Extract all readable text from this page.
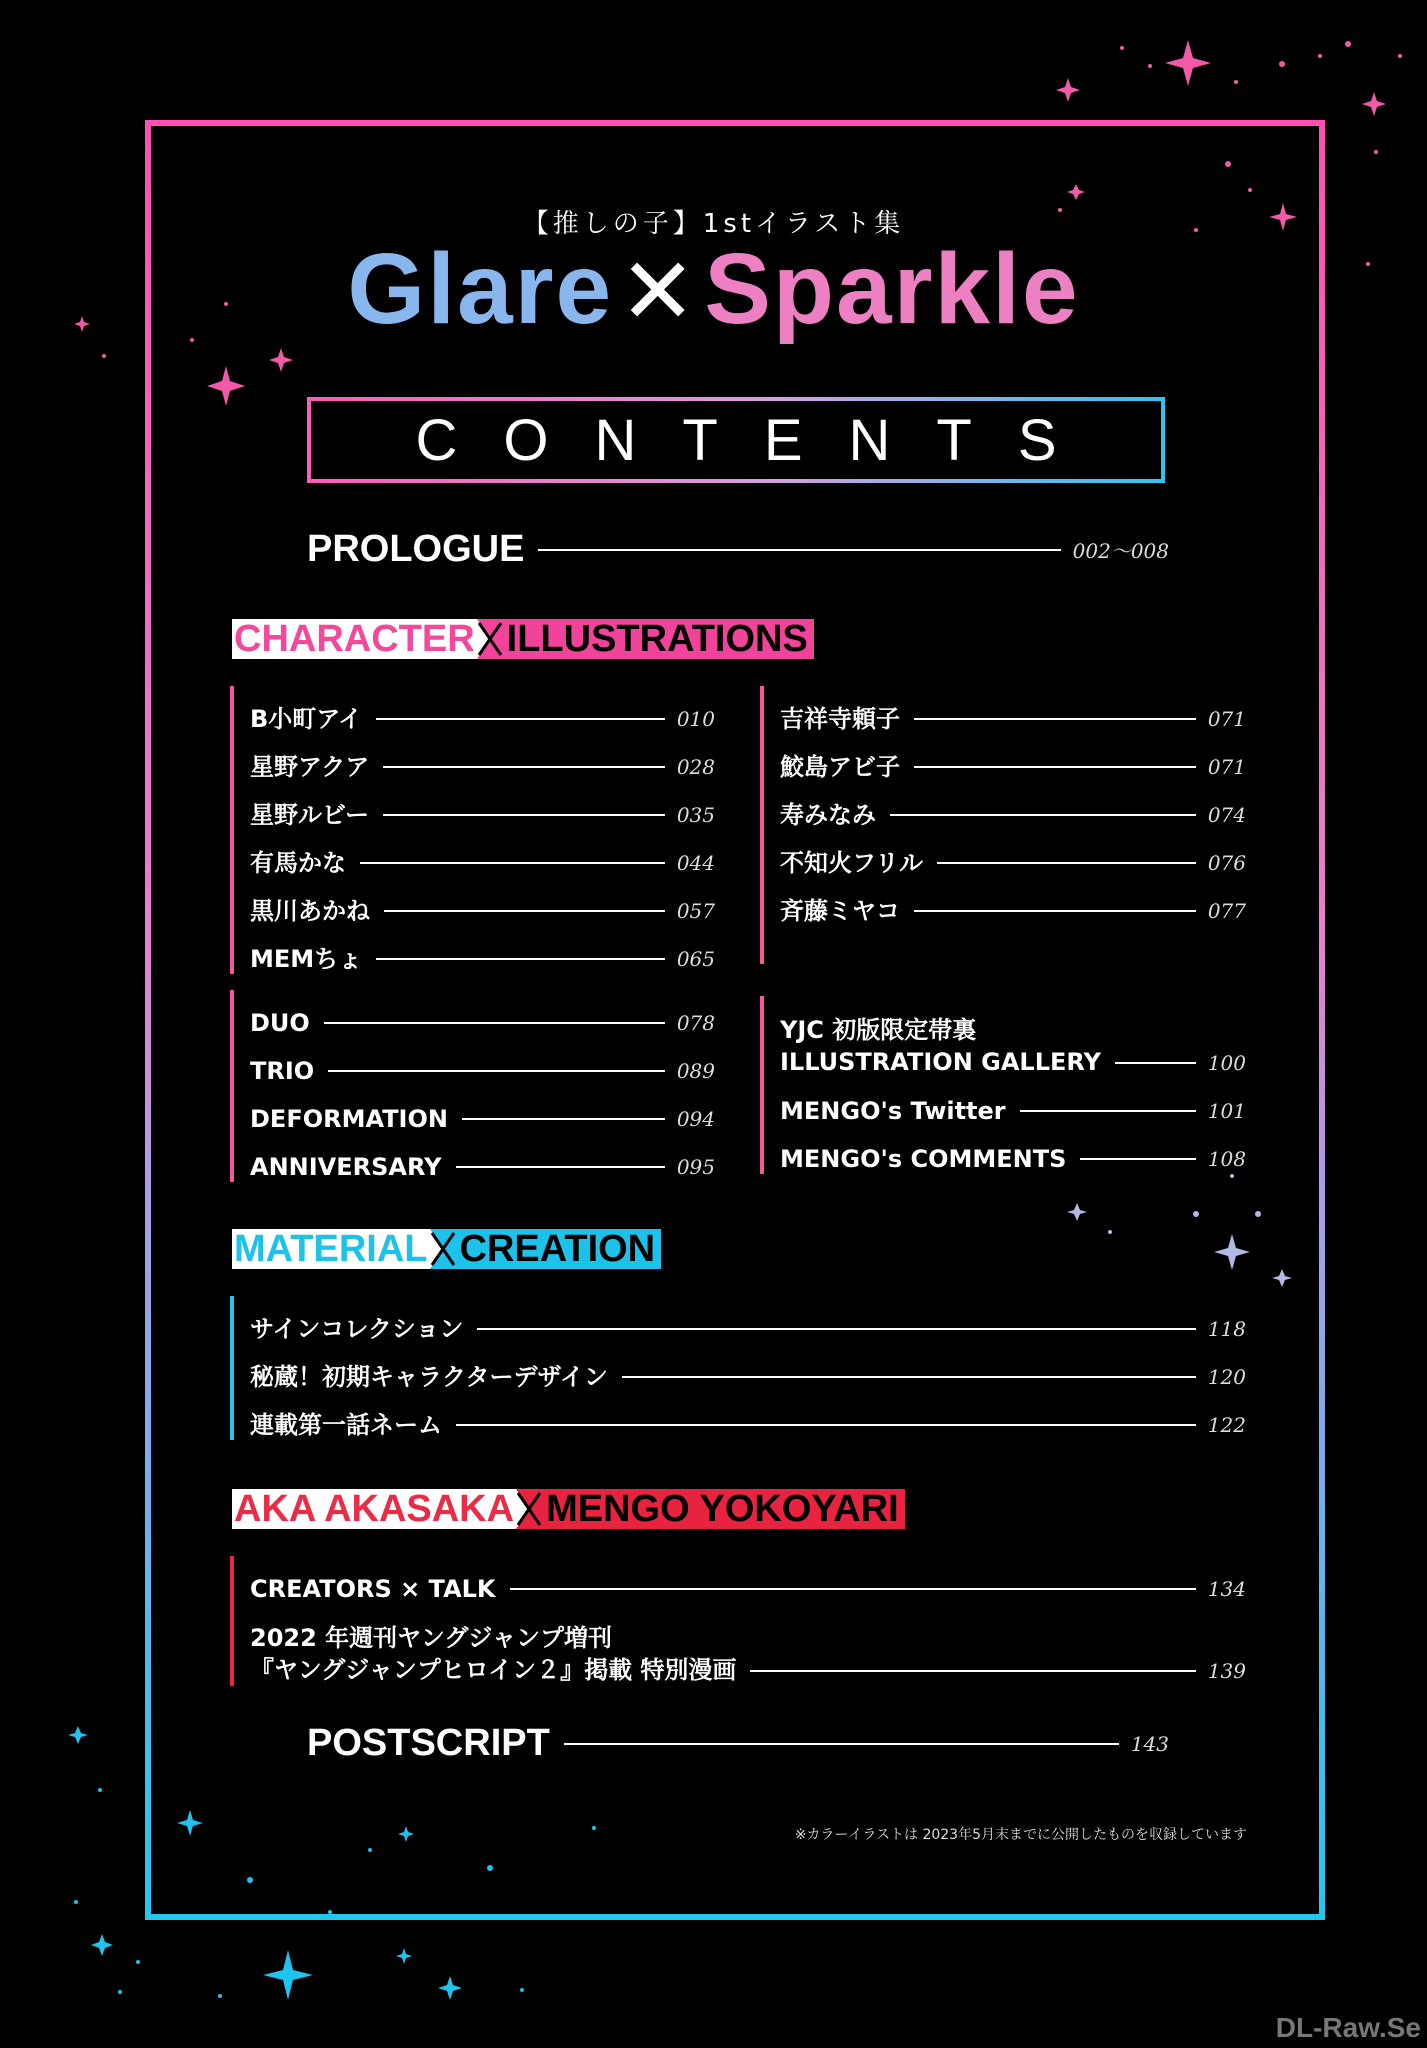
【推しの子】1stイラスト集
Glare✕Sparkle
CONTENTS
PROLOGUE	002～008
CHARACTER ILLUSTRATIONS
B小町アイ	010
星野アクア	028
星野ルビー	035
有馬かな	044
黒川あかね	057
MEMちょ	065
吉祥寺頼子	071
鮫島アビ子	071
寿みなみ	074
不知火フリル	076
斉藤ミヤコ	077
DUO	078
TRIO	089
DEFORMATION	094
ANNIVERSARY	095
YJC 初版限定帯裏
ILLUSTRATION GALLERY	100
MENGO's Twitter	101
MENGO's COMMENTS	108
MATERIAL CREATION
サインコレクション	118
秘蔵！初期キャラクターデザイン	120
連載第一話ネーム	122
AKA AKASAKA MENGO YOKOYARI
CREATORS × TALK	134
2022 年週刊ヤングジャンプ増刊
『ヤングジャンプヒロイン２』掲載 特別漫画	139
POSTSCRIPT	143
※カラーイラストは 2023年5月末までに公開したものを収録しています
DL-Raw.Se
